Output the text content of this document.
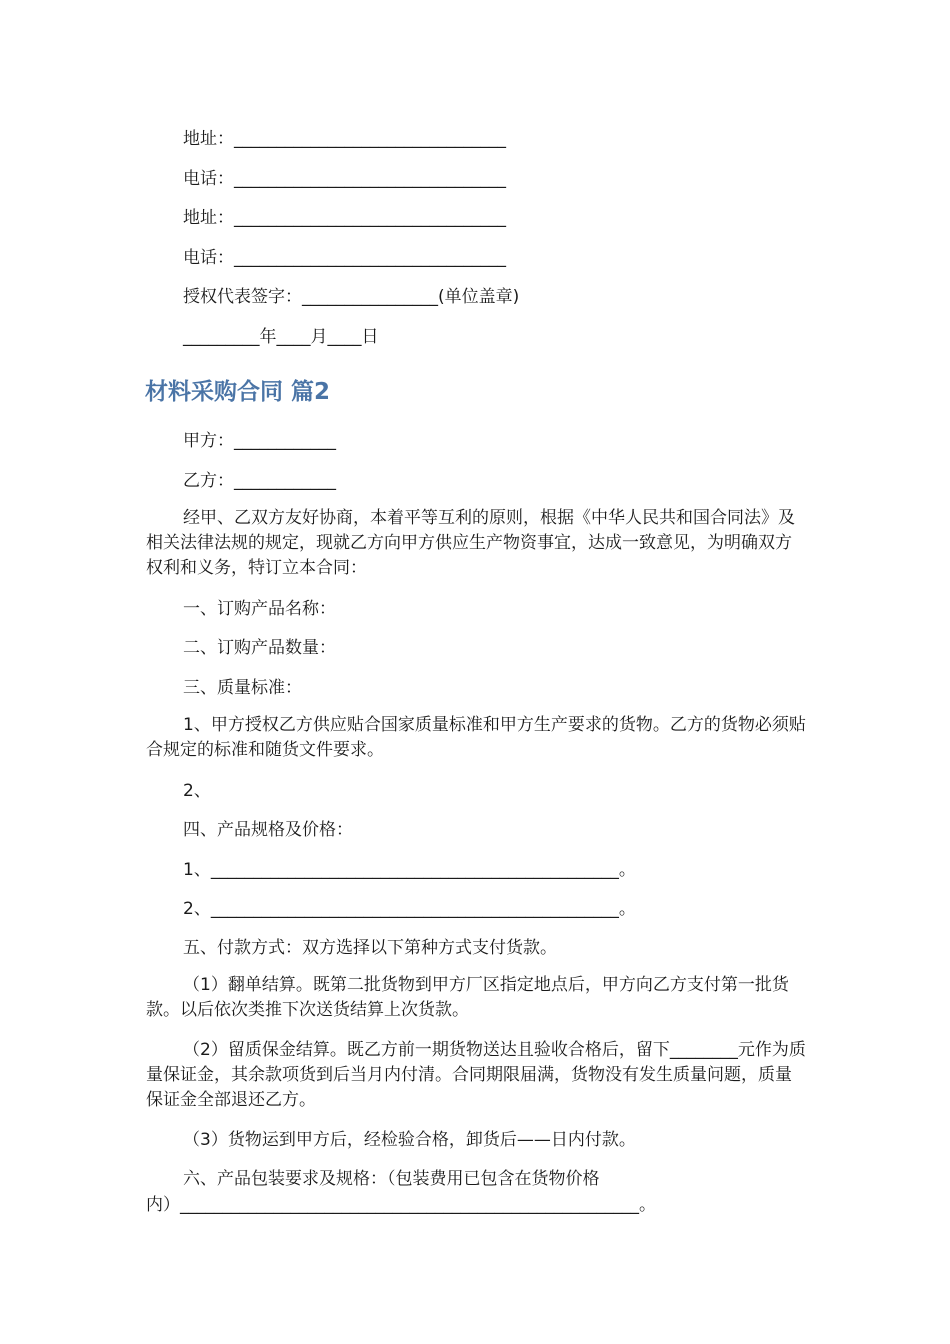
地址：________________________________
电话：________________________________
地址：________________________________
电话：________________________________
授权代表签字：________________(单位盖章)
_________年____月____日
材料采购合同 篇2
甲方：____________
乙方：____________
经甲、乙双方友好协商，本着平等互利的原则，根据《中华人民共和国合同法》及相关法律法规的规定，现就乙方向甲方供应生产物资事宜，达成一致意见，为明确双方权利和义务，特订立本合同：
一、订购产品名称：
二、订购产品数量：
三、质量标准：
1、甲方授权乙方供应贴合国家质量标准和甲方生产要求的货物。乙方的货物必须贴合规定的标准和随货文件要求。
2、
四、产品规格及价格：
1、________________________________________________。
2、________________________________________________。
五、付款方式：双方选择以下第种方式支付货款。
（1）翻单结算。既第二批货物到甲方厂区指定地点后，甲方向乙方支付第一批货款。以后依次类推下次送货结算上次货款。
（2）留质保金结算。既乙方前一期货物送达且验收合格后，留下________元作为质量保证金，其余款项货到后当月内付清。合同期限届满，货物没有发生质量问题，质量保证金全部退还乙方。
（3）货物运到甲方后，经检验合格，卸货后——日内付款。
六、产品包装要求及规格：（包装费用已包含在货物价格
内）______________________________________________________。
